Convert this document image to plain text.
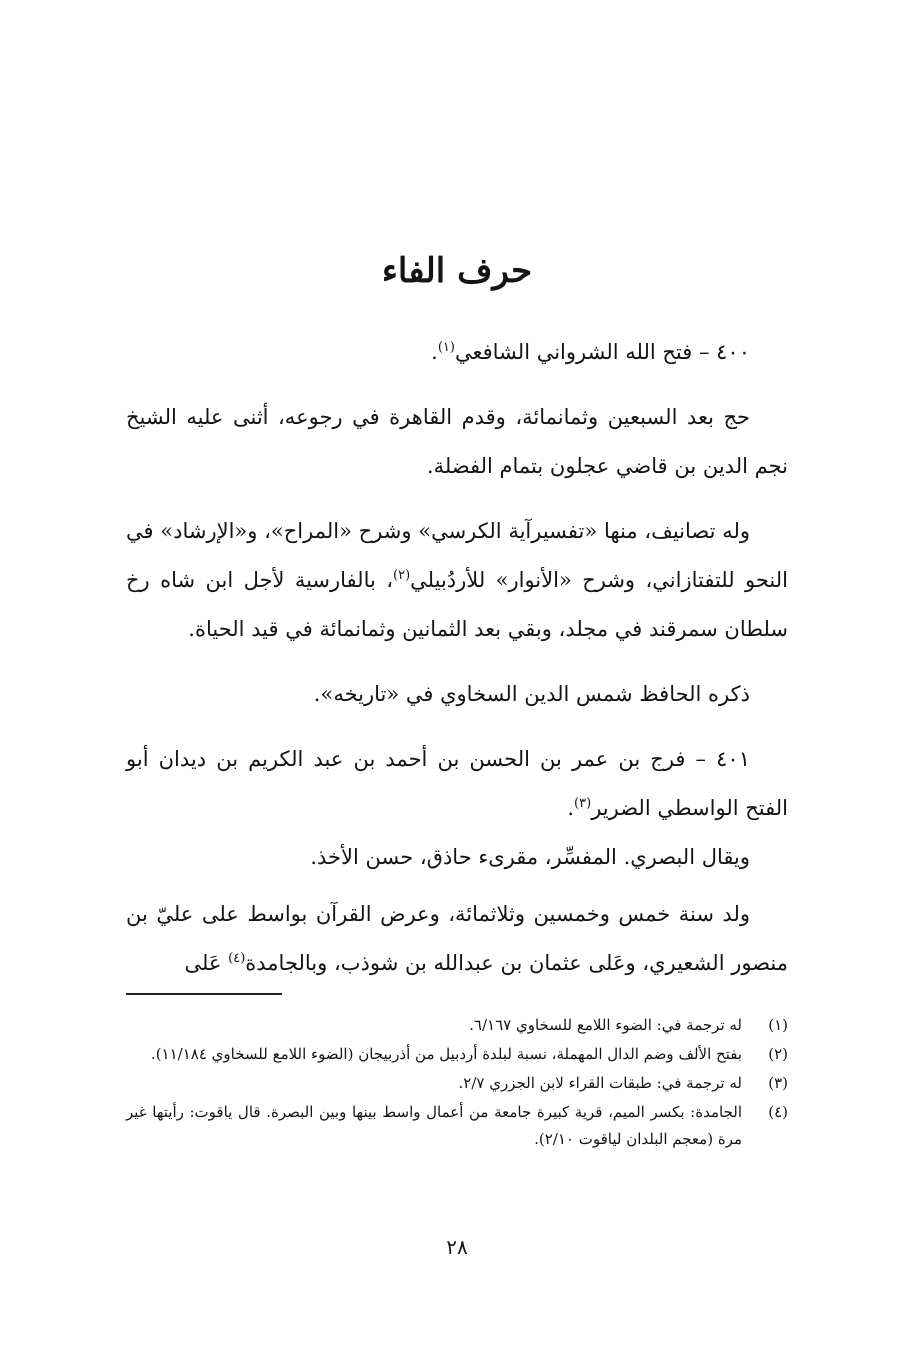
حرف الفاء

٤٠٠ – فتح الله الشرواني الشافعي$^{(١)}$.

حج بعد السبعين وثمانمائة، وقدم القاهرة في رجوعه، أثنى عليه الشيخ نجم الدين بن قاضي عجلون بتمام الفضلة.

وله تصانيف، منها «تفسيرآية الكرسي» وشرح «المراح»، و«الإرشاد» في النحو للتفتازاني، وشرح «الأنوار» للأردُبيلي$^{(٢)}$، بالفارسية لأجل ابن شاه رخ سلطان سمرقند في مجلد، وبقي بعد الثمانين وثمانمائة في قيد الحياة.

ذكره الحافظ شمس الدين السخاوي في «تاريخه».

٤٠١ – فرج بن عمر بن الحسن بن أحمد بن عبد الكريم بن ديدان أبو الفتح الواسطي الضرير$^{(٣)}$.

ويقال البصري. المفسِّر، مقرىء حاذق، حسن الأخذ.

ولد سنة خمس وخمسين وثلاثمائة، وعرض القرآن بواسط على عليّ بن منصور الشعيري، وعَلى عثمان بن عبدالله بن شوذب، وبالجامدة$^{(٤)}$ عَلى

(١)
له ترجمة في: الضوء اللامع للسخاوي ٦/١٦٧.
(٢)
بفتح الألف وضم الدال المهملة، نسبة لبلدة أردبيل من أذربيجان (الضوء اللامع للسخاوي ١١/١٨٤).
(٣)
له ترجمة في: طبقات القراء لابن الجزري ٢/٧.
(٤)
الجامدة: بكسر الميم، قرية كبيرة جامعة من أعمال واسط بينها وبين البصرة. قال ياقوت: رأيتها غير مرة (معجم البلدان لياقوت ٢/١٠).
٢٨
